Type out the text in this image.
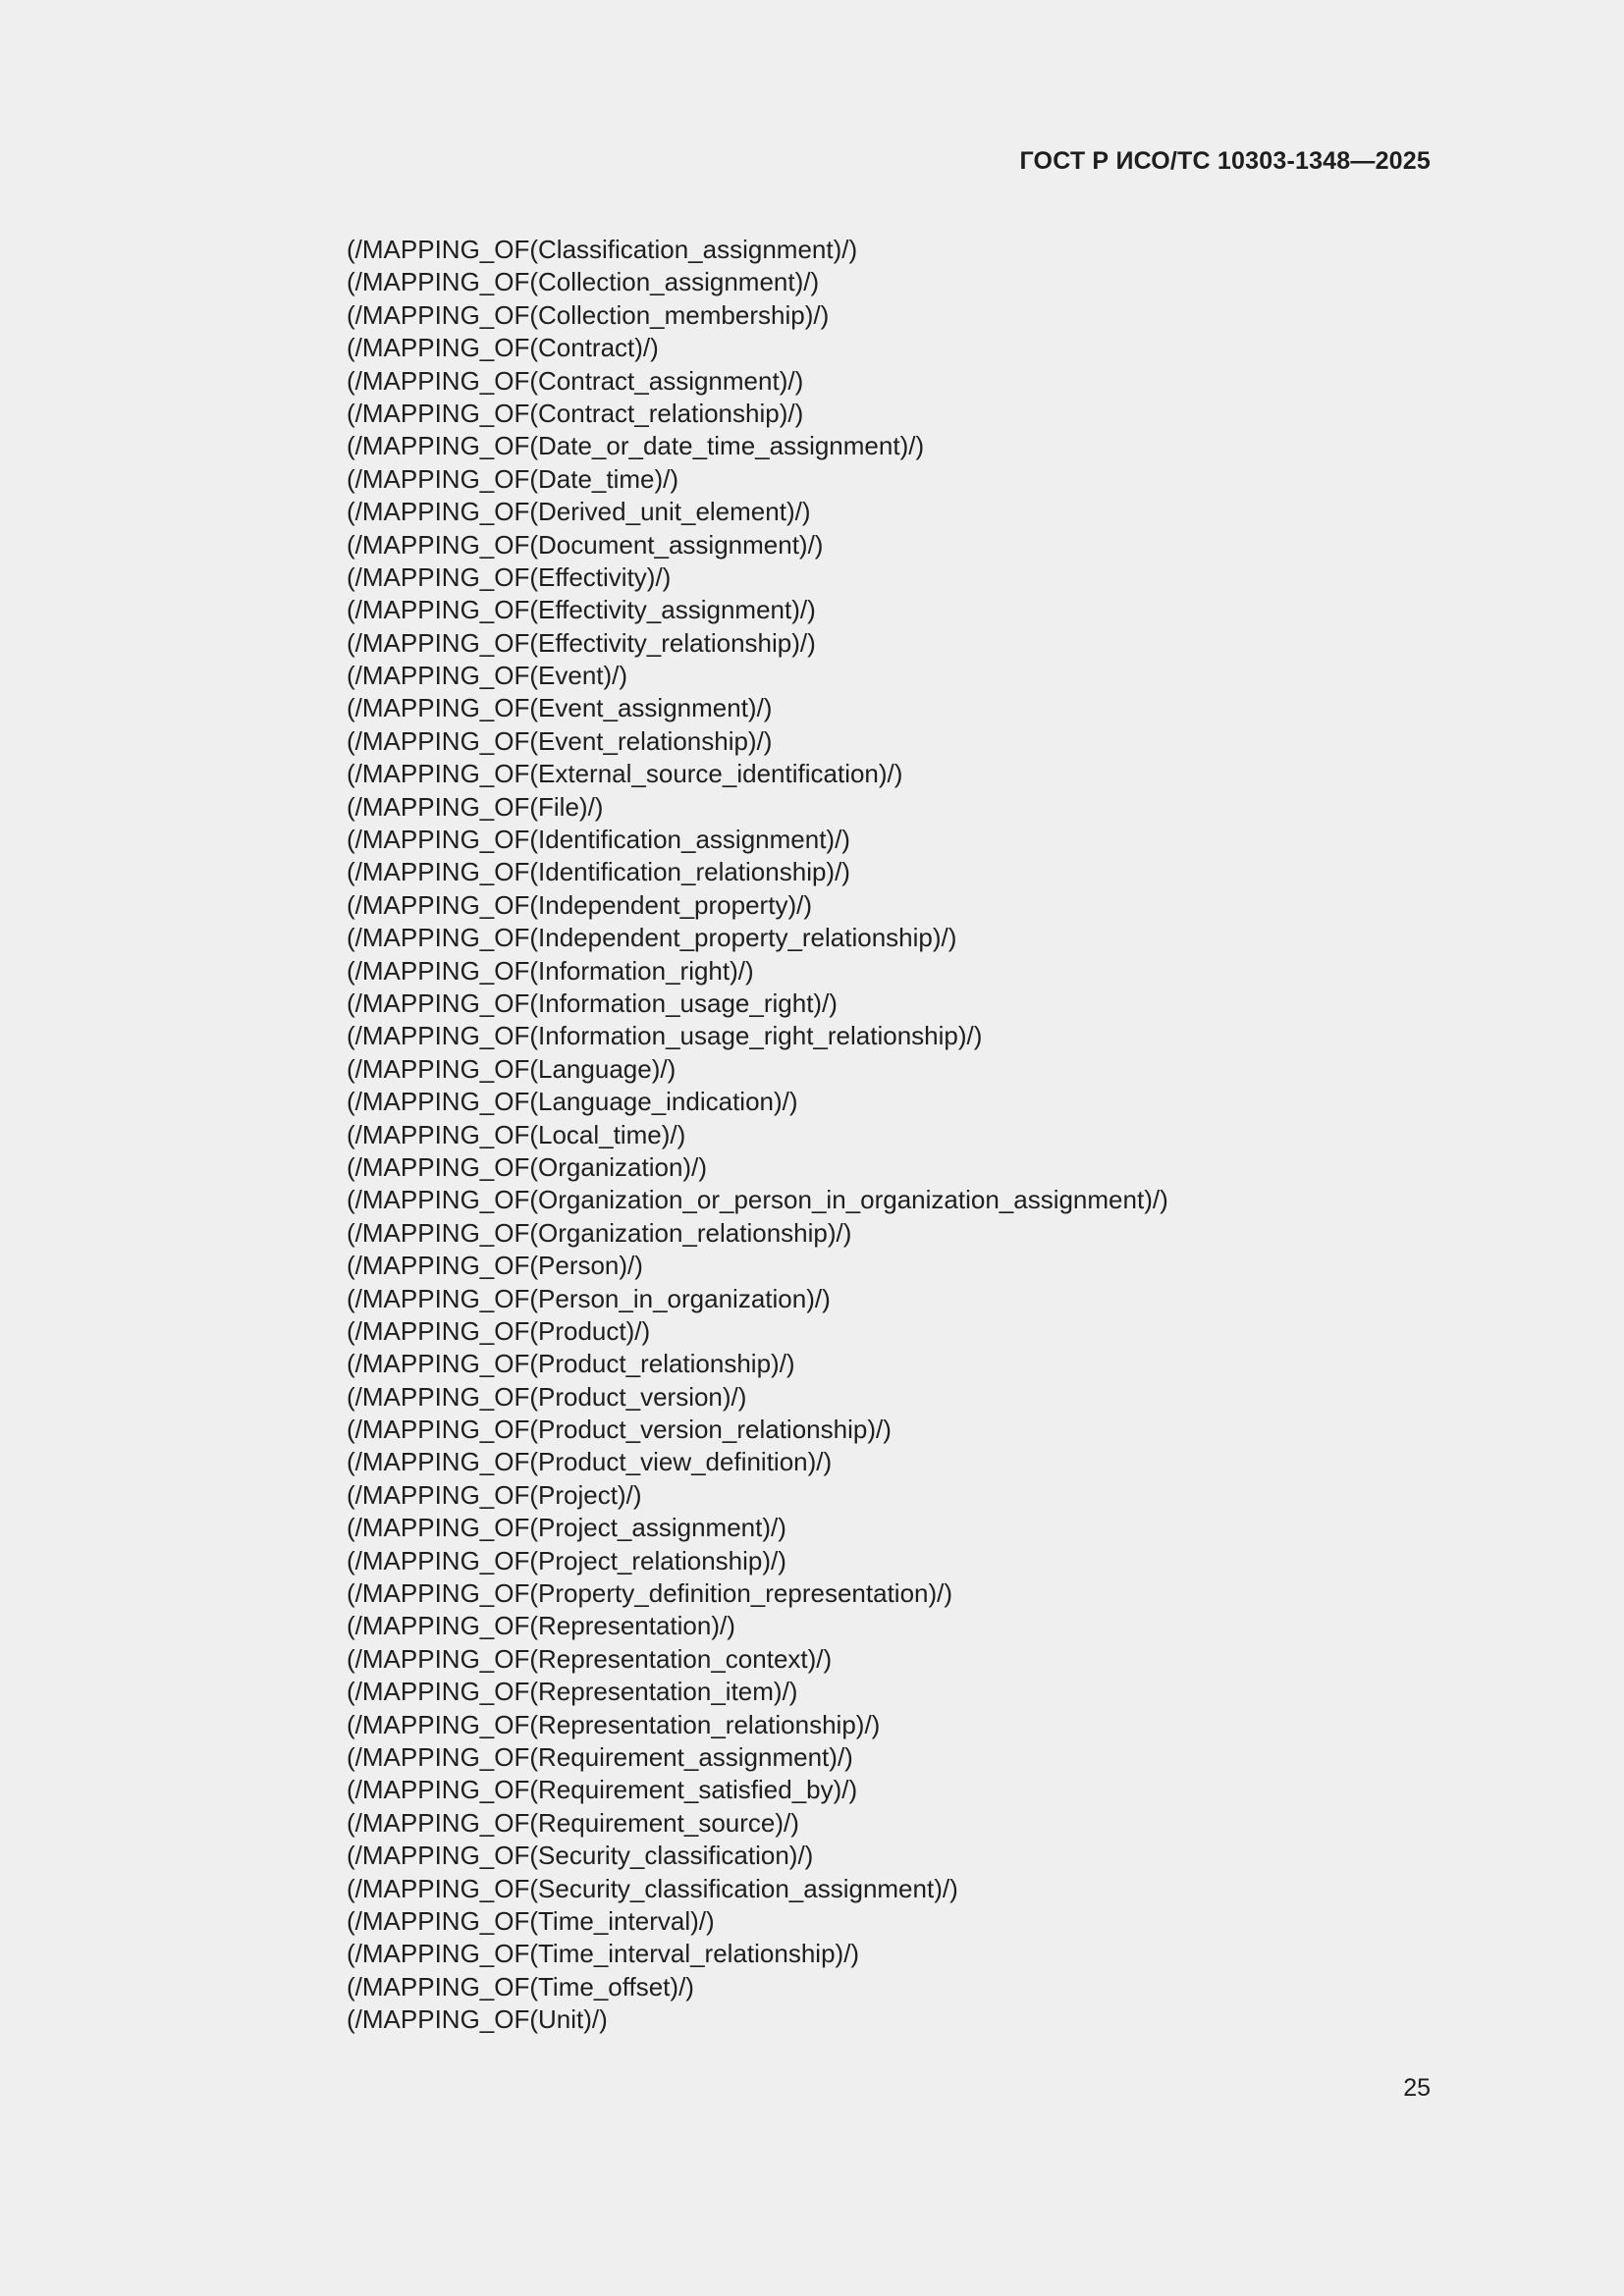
ГОСТ Р ИСО/ТС 10303-1348—2025
(/MAPPING_OF(Classification_assignment)/)
(/MAPPING_OF(Collection_assignment)/)
(/MAPPING_OF(Collection_membership)/)
(/MAPPING_OF(Contract)/)
(/MAPPING_OF(Contract_assignment)/)
(/MAPPING_OF(Contract_relationship)/)
(/MAPPING_OF(Date_or_date_time_assignment)/)
(/MAPPING_OF(Date_time)/)
(/MAPPING_OF(Derived_unit_element)/)
(/MAPPING_OF(Document_assignment)/)
(/MAPPING_OF(Effectivity)/)
(/MAPPING_OF(Effectivity_assignment)/)
(/MAPPING_OF(Effectivity_relationship)/)
(/MAPPING_OF(Event)/)
(/MAPPING_OF(Event_assignment)/)
(/MAPPING_OF(Event_relationship)/)
(/MAPPING_OF(External_source_identification)/)
(/MAPPING_OF(File)/)
(/MAPPING_OF(Identification_assignment)/)
(/MAPPING_OF(Identification_relationship)/)
(/MAPPING_OF(Independent_property)/)
(/MAPPING_OF(Independent_property_relationship)/)
(/MAPPING_OF(Information_right)/)
(/MAPPING_OF(Information_usage_right)/)
(/MAPPING_OF(Information_usage_right_relationship)/)
(/MAPPING_OF(Language)/)
(/MAPPING_OF(Language_indication)/)
(/MAPPING_OF(Local_time)/)
(/MAPPING_OF(Organization)/)
(/MAPPING_OF(Organization_or_person_in_organization_assignment)/)
(/MAPPING_OF(Organization_relationship)/)
(/MAPPING_OF(Person)/)
(/MAPPING_OF(Person_in_organization)/)
(/MAPPING_OF(Product)/)
(/MAPPING_OF(Product_relationship)/)
(/MAPPING_OF(Product_version)/)
(/MAPPING_OF(Product_version_relationship)/)
(/MAPPING_OF(Product_view_definition)/)
(/MAPPING_OF(Project)/)
(/MAPPING_OF(Project_assignment)/)
(/MAPPING_OF(Project_relationship)/)
(/MAPPING_OF(Property_definition_representation)/)
(/MAPPING_OF(Representation)/)
(/MAPPING_OF(Representation_context)/)
(/MAPPING_OF(Representation_item)/)
(/MAPPING_OF(Representation_relationship)/)
(/MAPPING_OF(Requirement_assignment)/)
(/MAPPING_OF(Requirement_satisfied_by)/)
(/MAPPING_OF(Requirement_source)/)
(/MAPPING_OF(Security_classification)/)
(/MAPPING_OF(Security_classification_assignment)/)
(/MAPPING_OF(Time_interval)/)
(/MAPPING_OF(Time_interval_relationship)/)
(/MAPPING_OF(Time_offset)/)
(/MAPPING_OF(Unit)/)
25
